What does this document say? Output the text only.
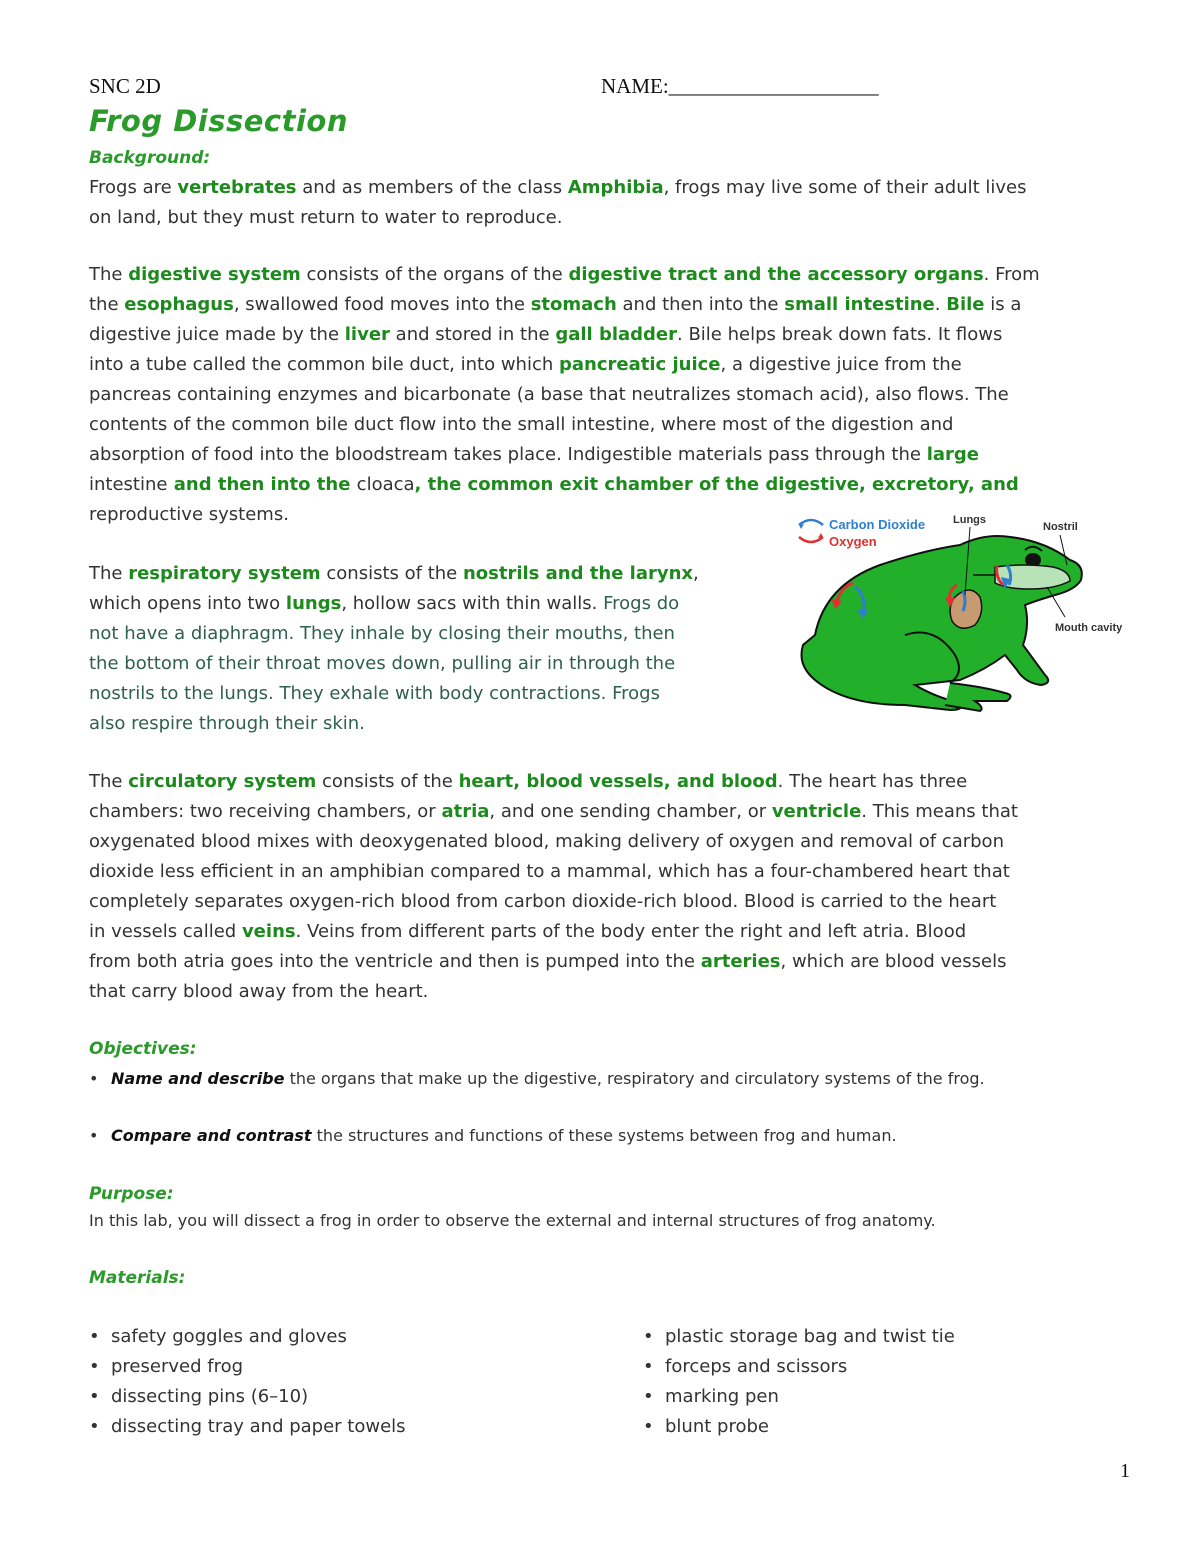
SNC 2D	NAME:____________________
Frog Dissection
Background:
Frogs are vertebrates and as members of the class Amphibia, frogs may live some of their adult lives
on land, but they must return to water to reproduce.
The digestive system consists of the organs of the digestive tract and the accessory organs. From
the esophagus, swallowed food moves into the stomach and then into the small intestine. Bile is a
digestive juice made by the liver and stored in the gall bladder. Bile helps break down fats. It flows
into a tube called the common bile duct, into which pancreatic juice, a digestive juice from the
pancreas containing enzymes and bicarbonate (a base that neutralizes stomach acid), also flows. The
contents of the common bile duct flow into the small intestine, where most of the digestion and
absorption of food into the bloodstream takes place. Indigestible materials pass through the large
intestine and then into the cloaca, the common exit chamber of the digestive, excretory, and
reproductive systems.
The respiratory system consists of the nostrils and the larynx,
which opens into two lungs, hollow sacs with thin walls. Frogs do
not have a diaphragm. They inhale by closing their mouths, then
the bottom of their throat moves down, pulling air in through the
nostrils to the lungs. They exhale with body contractions. Frogs
also respire through their skin.
The circulatory system consists of the heart, blood vessels, and blood. The heart has three
chambers: two receiving chambers, or atria, and one sending chamber, or ventricle. This means that
oxygenated blood mixes with deoxygenated blood, making delivery of oxygen and removal of carbon
dioxide less efficient in an amphibian compared to a mammal, which has a four-chambered heart that
completely separates oxygen-rich blood from carbon dioxide-rich blood. Blood is carried to the heart
in vessels called veins. Veins from different parts of the body enter the right and left atria. Blood
from both atria goes into the ventricle and then is pumped into the arteries, which are blood vessels
that carry blood away from the heart.
Carbon Dioxide
Oxygen
Lungs
Nostril
Mouth cavity
Objectives:
• Name and describe the organs that make up the digestive, respiratory and circulatory systems of the frog.
• Compare and contrast the structures and functions of these systems between frog and human.
Purpose:
In this lab, you will dissect a frog in order to observe the external and internal structures of frog anatomy.
Materials:
• safety goggles and gloves
• preserved frog
• dissecting pins (6–10)
• dissecting tray and paper towels
• plastic storage bag and twist tie
• forceps and scissors
• marking pen
• blunt probe
1
